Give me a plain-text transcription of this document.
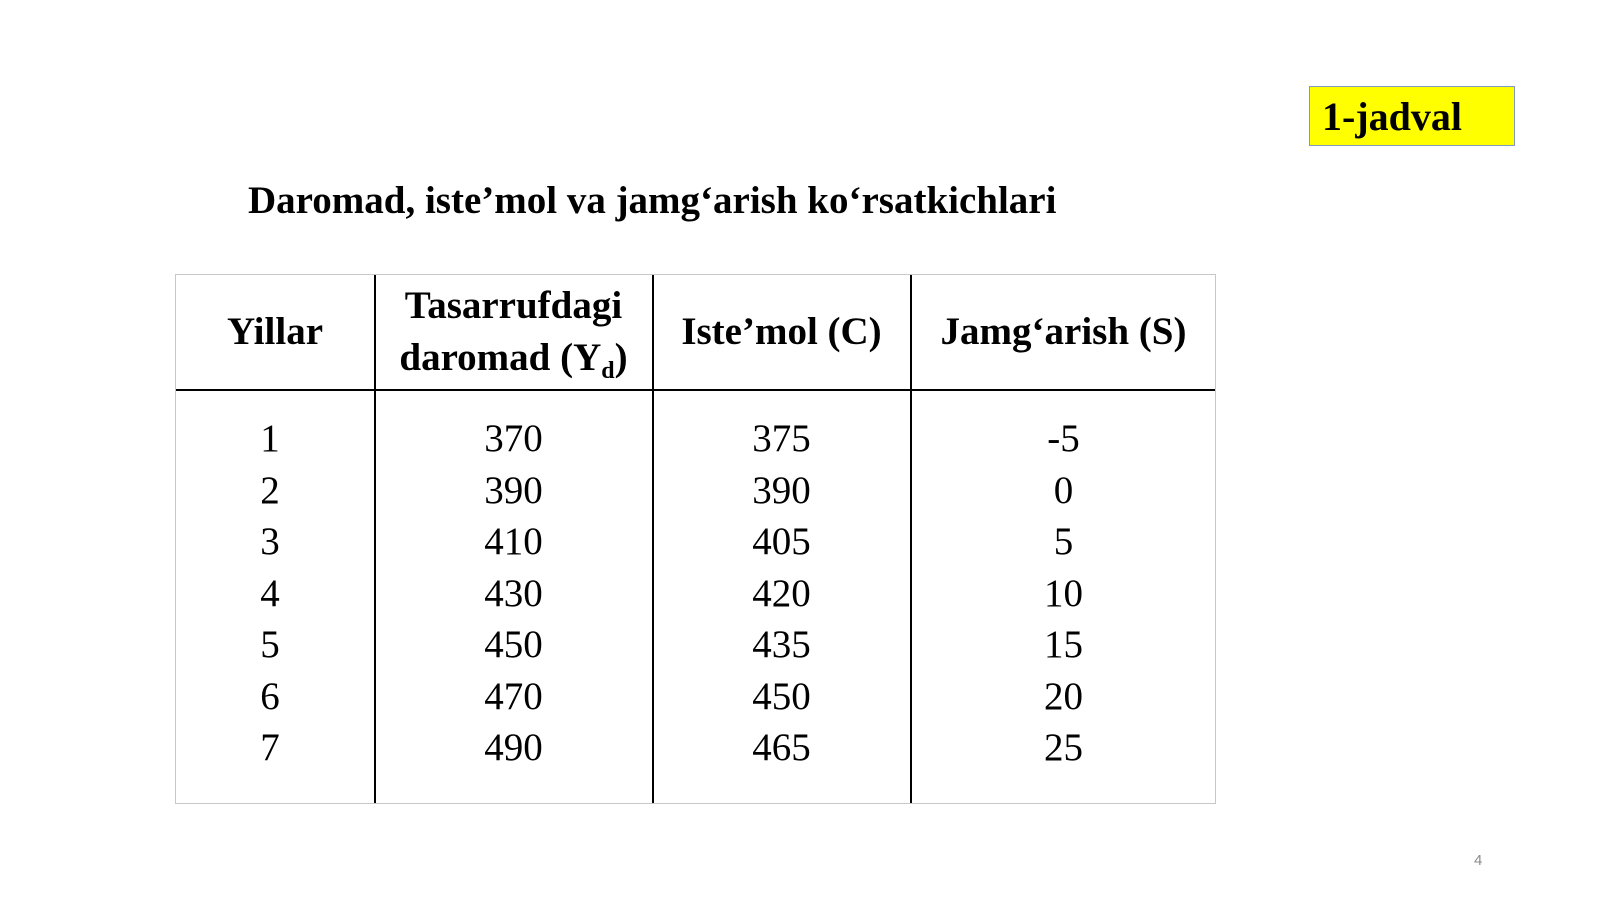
1-jadval
Daromad, iste’mol va jamg‘arish ko‘rsatkichlari
Yillar
Tasarrufdagi
daromad $(Y_d)$
Iste’mol (C) Jamg‘arish (S)
1
2
3
4
5
6
7
370
390
410
430
450
470
490
375
390
405
420
435
450
465
-5
0
5
10
15
20
25
4
